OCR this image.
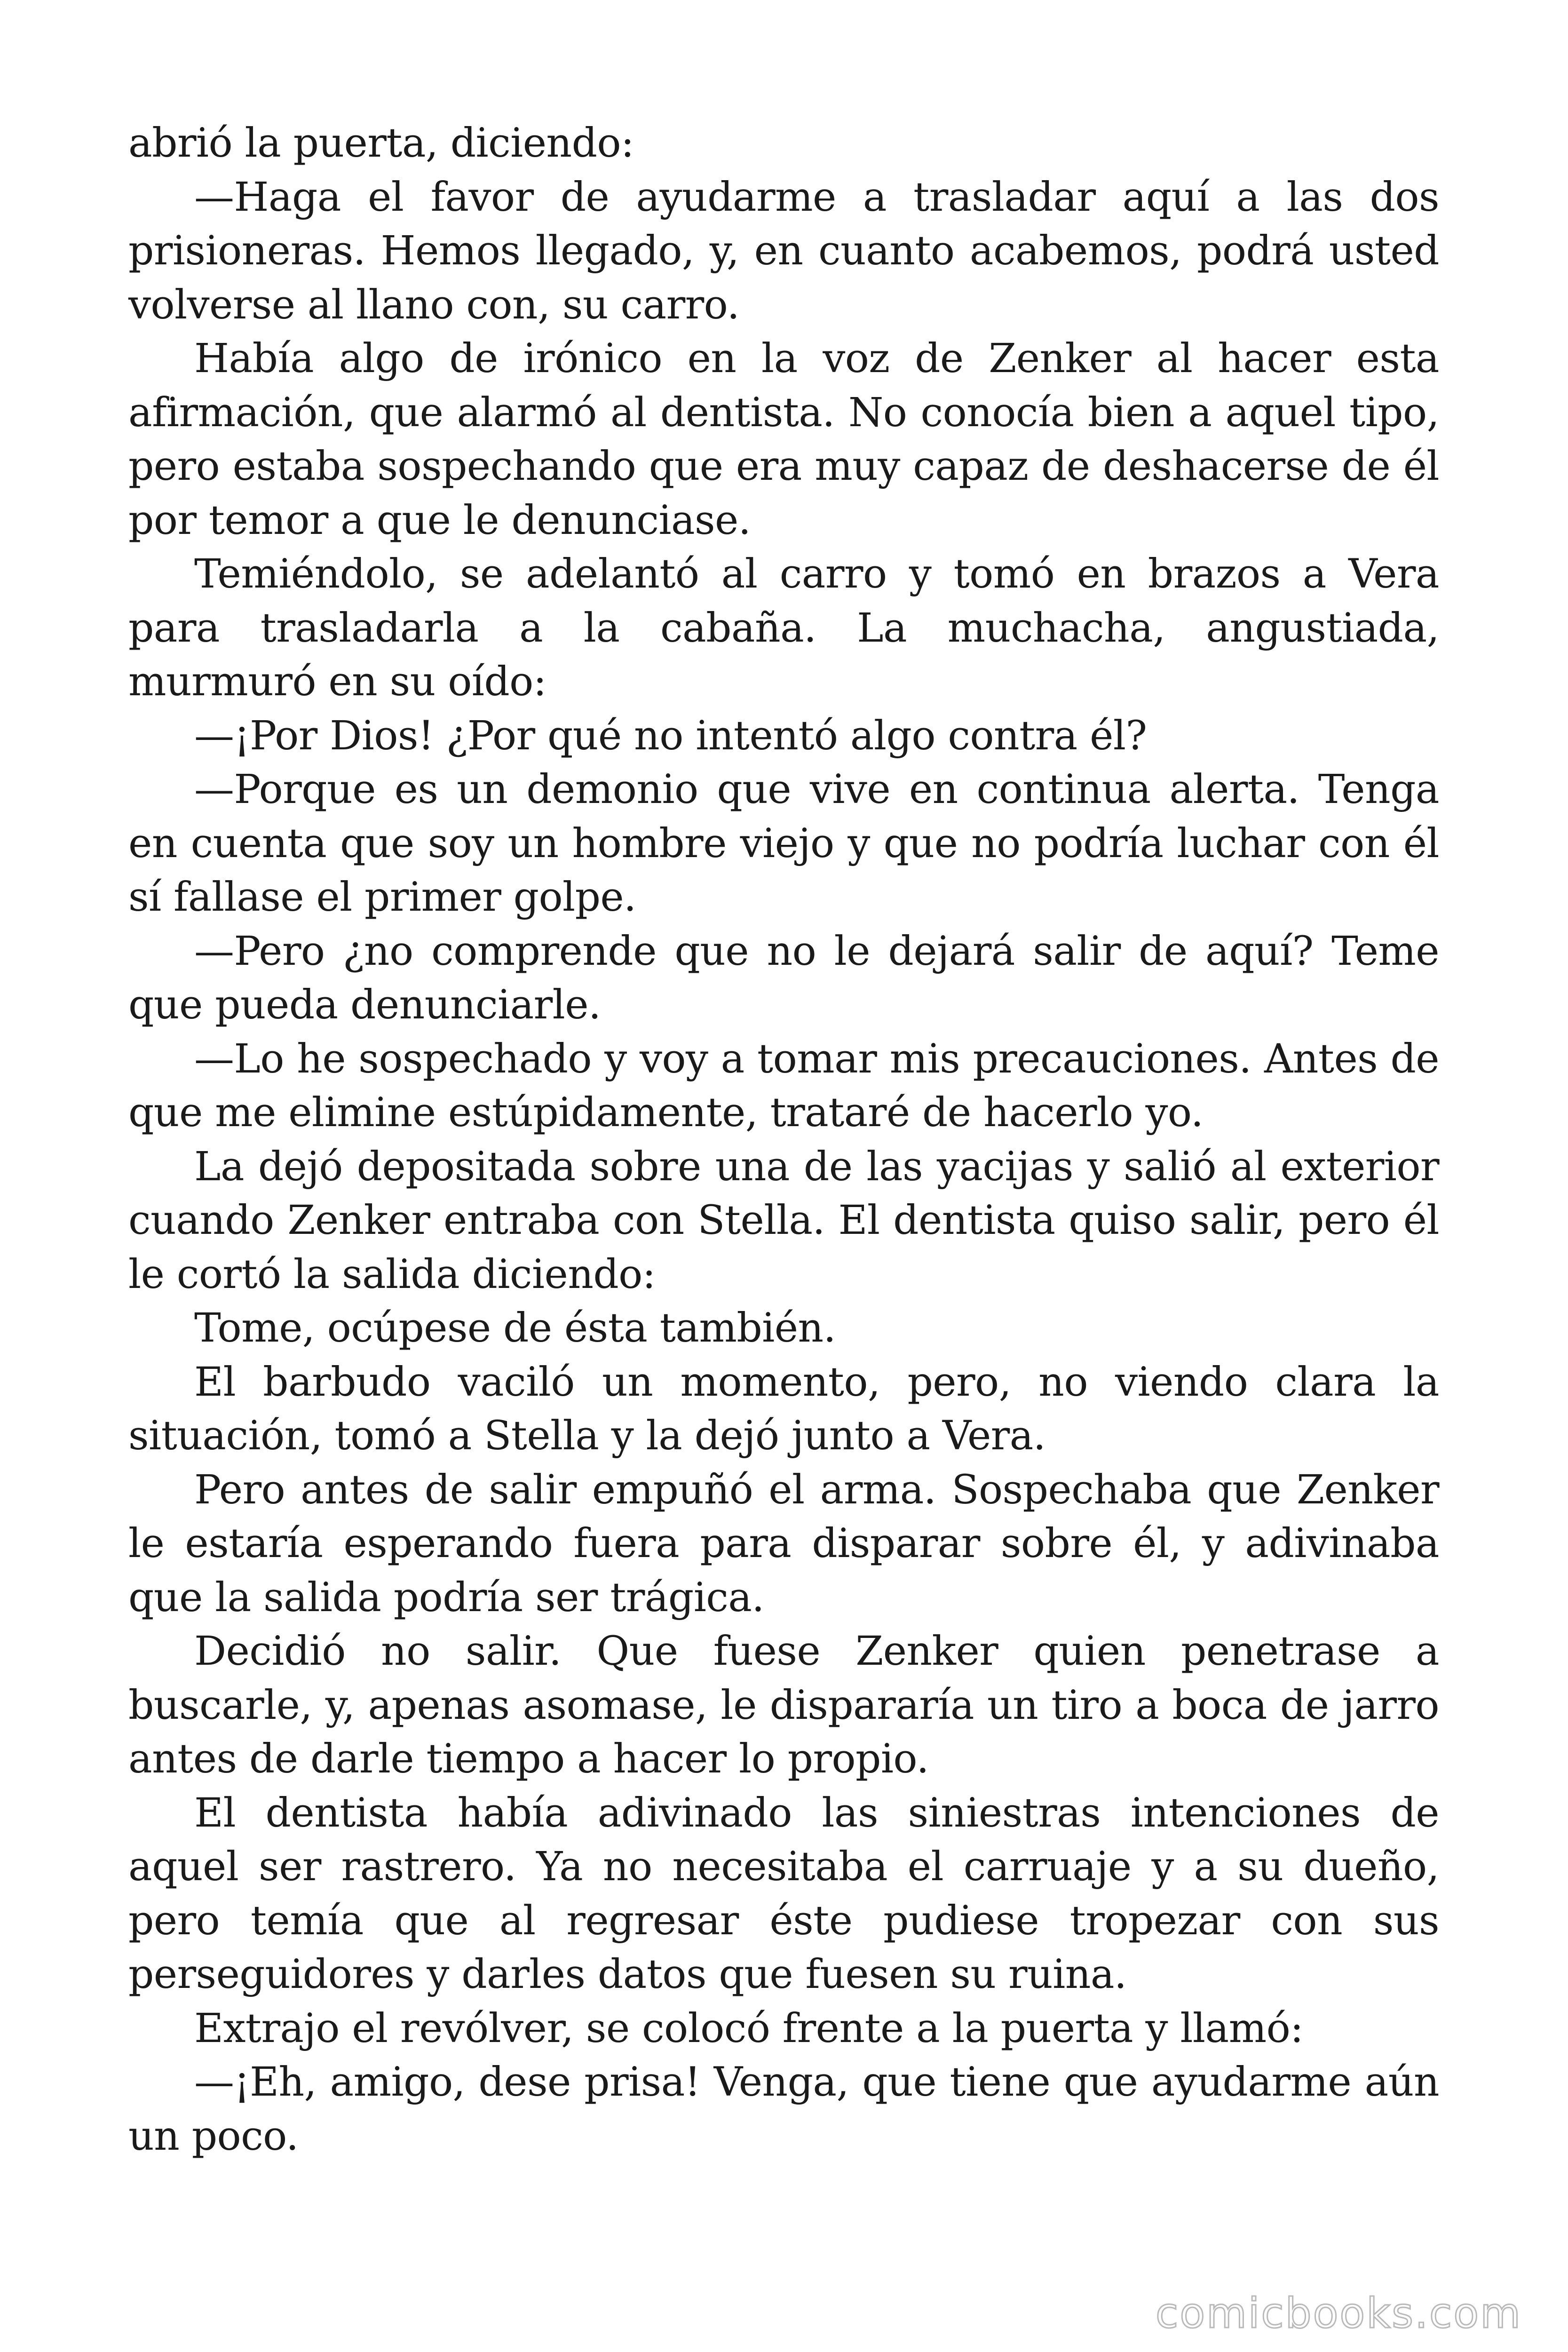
abrió la puerta, diciendo:

—Haga el favor de ayudarme a trasladar aquí a las dos prisioneras. Hemos llegado, y, en cuanto acabemos, podrá usted volverse al llano con, su carro.

Había algo de irónico en la voz de Zenker al hacer esta afirmación, que alarmó al dentista. No conocía bien a aquel tipo, pero estaba sospechando que era muy capaz de deshacerse de él por temor a que le denunciase.

Temiéndolo, se adelantó al carro y tomó en brazos a Vera para trasladarla a la cabaña. La muchacha, angustiada, murmuró en su oído:

—¡Por Dios! ¿Por qué no intentó algo contra él?

—Porque es un demonio que vive en continua alerta. Tenga en cuenta que soy un hombre viejo y que no podría luchar con él sí fallase el primer golpe.

—Pero ¿no comprende que no le dejará salir de aquí? Teme que pueda denunciarle.

—Lo he sospechado y voy a tomar mis precauciones. Antes de que me elimine estúpidamente, trataré de hacerlo yo.

La dejó depositada sobre una de las yacijas y salió al exterior cuando Zenker entraba con Stella. El dentista quiso salir, pero él le cortó la salida diciendo:

Tome, ocúpese de ésta también.

El barbudo vaciló un momento, pero, no viendo clara la situación, tomó a Stella y la dejó junto a Vera.

Pero antes de salir empuñó el arma. Sospechaba que Zenker le estaría esperando fuera para disparar sobre él, y adivinaba que la salida podría ser trágica.

Decidió no salir. Que fuese Zenker quien penetrase a buscarle, y, apenas asomase, le dispararía un tiro a boca de jarro antes de darle tiempo a hacer lo propio.

El dentista había adivinado las siniestras intenciones de aquel ser rastrero. Ya no necesitaba el carruaje y a su dueño, pero temía que al regresar éste pudiese tropezar con sus perseguidores y darles datos que fuesen su ruina.

Extrajo el revólver, se colocó frente a la puerta y llamó:

—¡Eh, amigo, dese prisa! Venga, que tiene que ayudarme aún un poco.

comicbooks.com
